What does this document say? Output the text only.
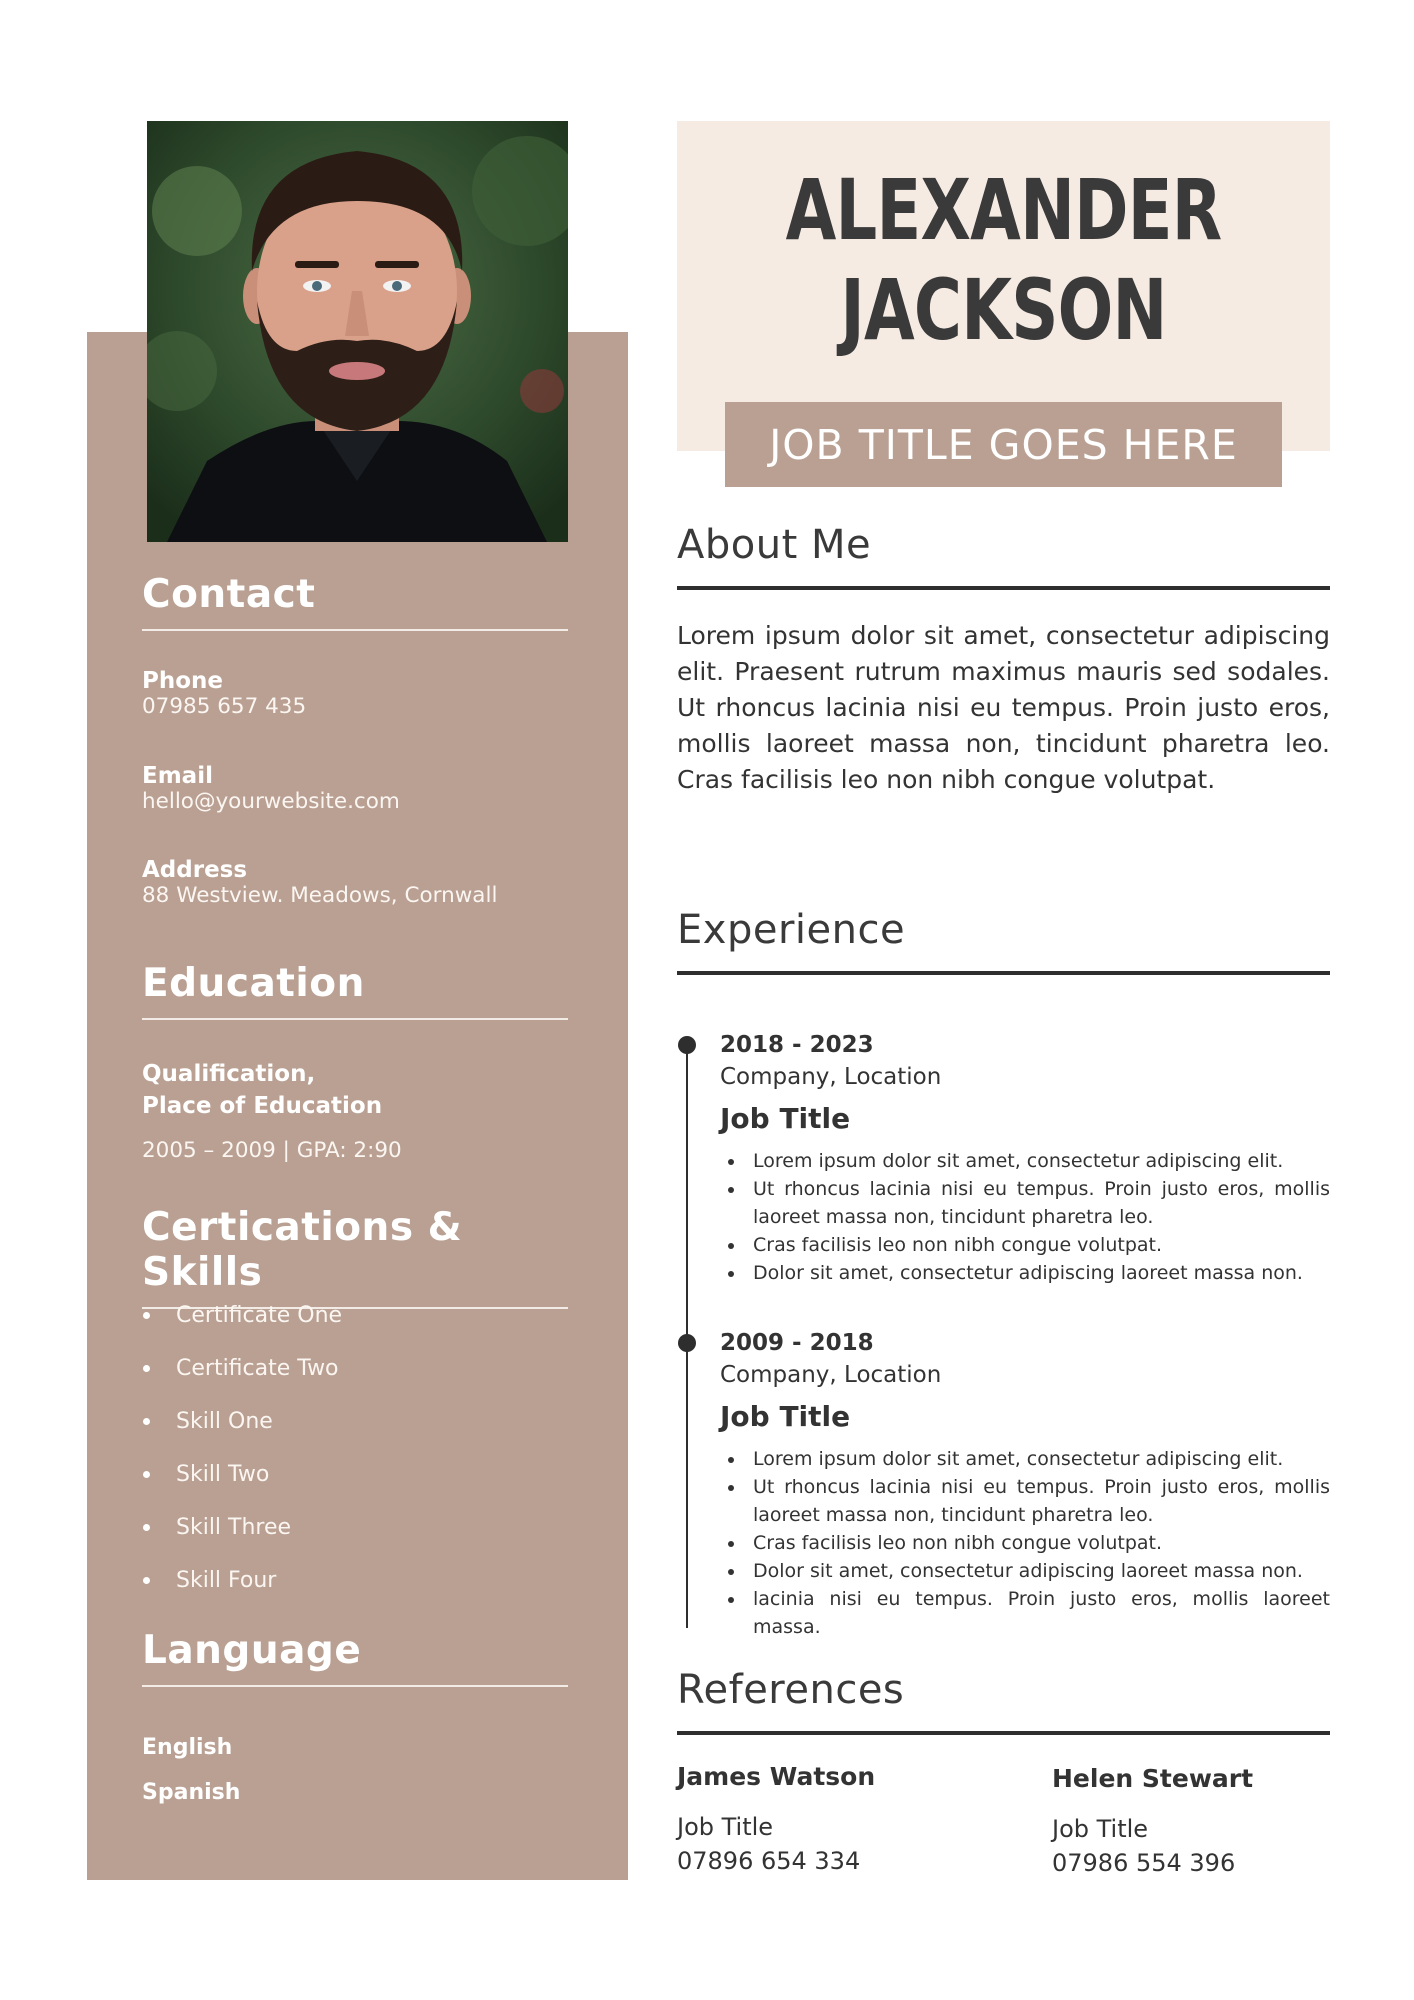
Contact
Phone
07985 657 435
Email
hello@yourwebsite.com
Address
88 Westview. Meadows, Cornwall
Education
Qualification,
Place of Education
2005 – 2009 | GPA: 2:90
Certications & Skills
Certificate One
Certificate Two
Skill One
Skill Two
Skill Three
Skill Four
Language
English
Spanish
ALEXANDER
JACKSON
JOB TITLE GOES HERE
About Me

Lorem ipsum dolor sit amet, consectetur adipiscing elit. Praesent rutrum maximus mauris sed sodales. Ut rhoncus lacinia nisi eu tempus. Proin justo eros, mollis laoreet massa non, tincidunt pharetra leo. Cras facilisis leo non nibh congue volutpat.

Experience
2018 - 2023
Company, Location
Job Title
Lorem ipsum dolor sit amet, consectetur adipiscing elit.
Ut rhoncus lacinia nisi eu tempus. Proin justo eros, mollis laoreet massa non, tincidunt pharetra leo.
Cras facilisis leo non nibh congue volutpat.
Dolor sit amet, consectetur adipiscing laoreet massa non.
2009 - 2018
Company, Location
Job Title
Lorem ipsum dolor sit amet, consectetur adipiscing elit.
Ut rhoncus lacinia nisi eu tempus. Proin justo eros, mollis laoreet massa non, tincidunt pharetra leo.
Cras facilisis leo non nibh congue volutpat.
Dolor sit amet, consectetur adipiscing laoreet massa non.
lacinia nisi eu tempus. Proin justo eros, mollis laoreet massa.
References
James Watson
Job Title
07896 654 334
Helen Stewart
Job Title
07986 554 396
